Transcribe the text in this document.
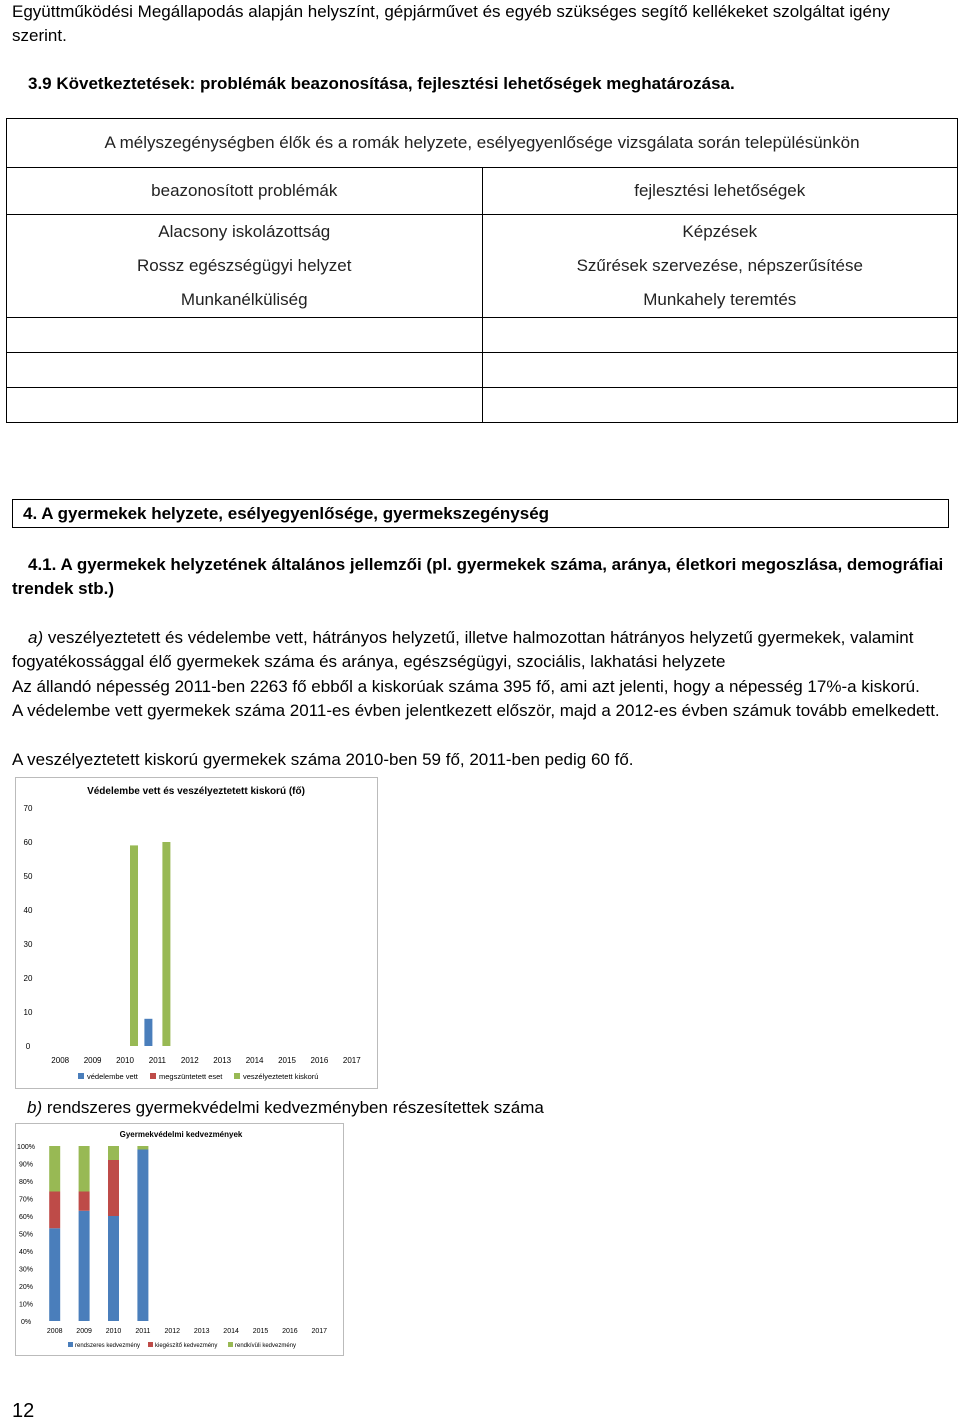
Együttműködési Megállapodás alapján helyszínt, gépjárművet és egyéb szükséges segítő kellékeket szolgáltat igény szerint.
3.9 Következtetések: problémák beazonosítása, fejlesztési lehetőségek meghatározása.
A mélyszegénységben élők és a romák helyzete, esélyegyenlősége vizsgálata során településünkön	
beazonosított problémák	fejlesztési lehetőségek
Alacsony iskolázottság	Képzések
Rossz egészségügyi helyzet	Szűrések szervezése, népszerűsítése
Munkanélküliség	Munkahely teremtés

4. A gyermekek helyzete, esélyegyenlősége, gyermekszegénység
4.1. A gyermekek helyzetének általános jellemzői (pl. gyermekek száma, aránya, életkori megoszlása, demográfiai trendek stb.)
a) veszélyeztetett és védelembe vett, hátrányos helyzetű, illetve halmozottan hátrányos helyzetű gyermekek, valamint fogyatékossággal élő gyermekek száma és aránya, egészségügyi, szociális, lakhatási helyzete
Az állandó népesség 2011-ben 2263 fő ebből a kiskorúak száma 395 fő, ami azt jelenti, hogy a népesség 17%-a kiskorú.
A védelembe vett gyermekek száma 2011-es évben jelentkezett először, majd a 2012-es évben számuk tovább emelkedett.
A veszélyeztetett kiskorú gyermekek száma 2010-ben 59 fő, 2011-ben pedig 60 fő.
Védelembe vett és veszélyeztetett kiskorú (fő)
0
10
20
30
40
50
60
70
2008 2009 2010 2011 2012 2013 2014 2015 2016 2017
védelembe vett	megszüntetett eset	veszélyeztetett kiskorú
b) rendszeres gyermekvédelmi kedvezményben részesítettek száma
Gyermekvédelmi kedvezmények
0%
10%
20%
30%
40%
50%
60%
70%
80%
90%
100%
2008 2009 2010 2011 2012 2013 2014 2015 2016 2017
rendszeres kedvezmény kiegészítő kedvezmény	rendkívüli kedvezmény
12
